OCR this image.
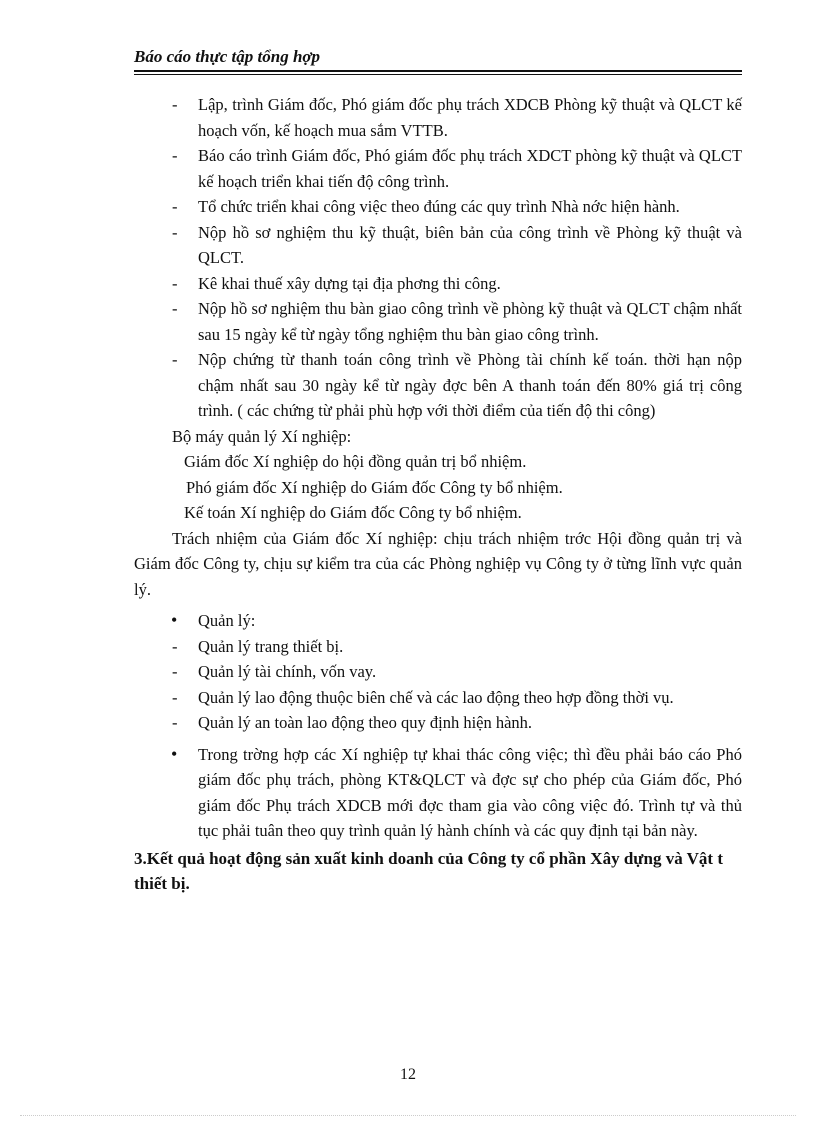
Báo cáo thực tập tổng hợp
- Lập, trình Giám đốc, Phó giám đốc phụ trách XDCB Phòng kỹ thuật và QLCT kế hoạch vốn, kế hoạch mua sắm VTTB.
- Báo cáo trình Giám đốc, Phó giám đốc phụ trách XDCT phòng kỹ thuật và QLCT kế hoạch triển khai tiến độ công trình.
- Tổ chức triển khai công việc theo đúng các quy trình Nhà nớc hiện hành.
- Nộp hồ sơ nghiệm thu kỹ thuật, biên bản của công trình về Phòng kỹ thuật và QLCT.
- Kê khai thuế xây dựng tại địa phơng thi công.
- Nộp hồ sơ nghiệm thu bàn giao công trình về phòng kỹ thuật và QLCT chậm nhất sau 15 ngày kể từ ngày tổng nghiệm thu bàn giao công trình.
- Nộp chứng từ thanh toán công trình về Phòng tài chính kế toán. thời hạn nộp chậm nhất sau 30 ngày kể từ ngày đợc bên A thanh toán đến 80% giá trị công trình. ( các chứng từ phải phù hợp với thời điểm của tiến độ thi công)
Bộ máy quản lý Xí nghiệp:
Giám đốc Xí nghiệp do hội đồng quản trị bổ nhiệm.
Phó giám đốc Xí nghiệp do Giám đốc Công ty bổ nhiệm.
Kế toán Xí nghiệp do Giám đốc Công ty bổ nhiệm.
Trách nhiệm của Giám đốc Xí nghiệp: chịu trách nhiệm trớc Hội đồng quản trị và Giám đốc Công ty, chịu sự kiểm tra của các Phòng nghiệp vụ Công ty ở từng lĩnh vực quản lý.
• Quản lý:
- Quản lý trang thiết bị.
- Quản lý tài chính, vốn vay.
- Quản lý lao động thuộc biên chế và các lao động theo hợp đồng thời vụ.
- Quản lý an toàn lao động theo quy định hiện hành.
• Trong trờng hợp các Xí nghiệp tự khai thác công việc; thì đều phải báo cáo Phó giám đốc phụ trách, phòng KT&QLCT và đợc sự cho phép của Giám đốc, Phó giám đốc Phụ trách XDCB mới đợc tham gia vào công việc đó. Trình tự và thủ tục phải tuân theo quy trình quản lý hành chính và các quy định tại bản này.
3.Kết quả hoạt động sản xuất kinh doanh của Công ty cổ phần Xây dựng và Vật t thiết bị.
12
